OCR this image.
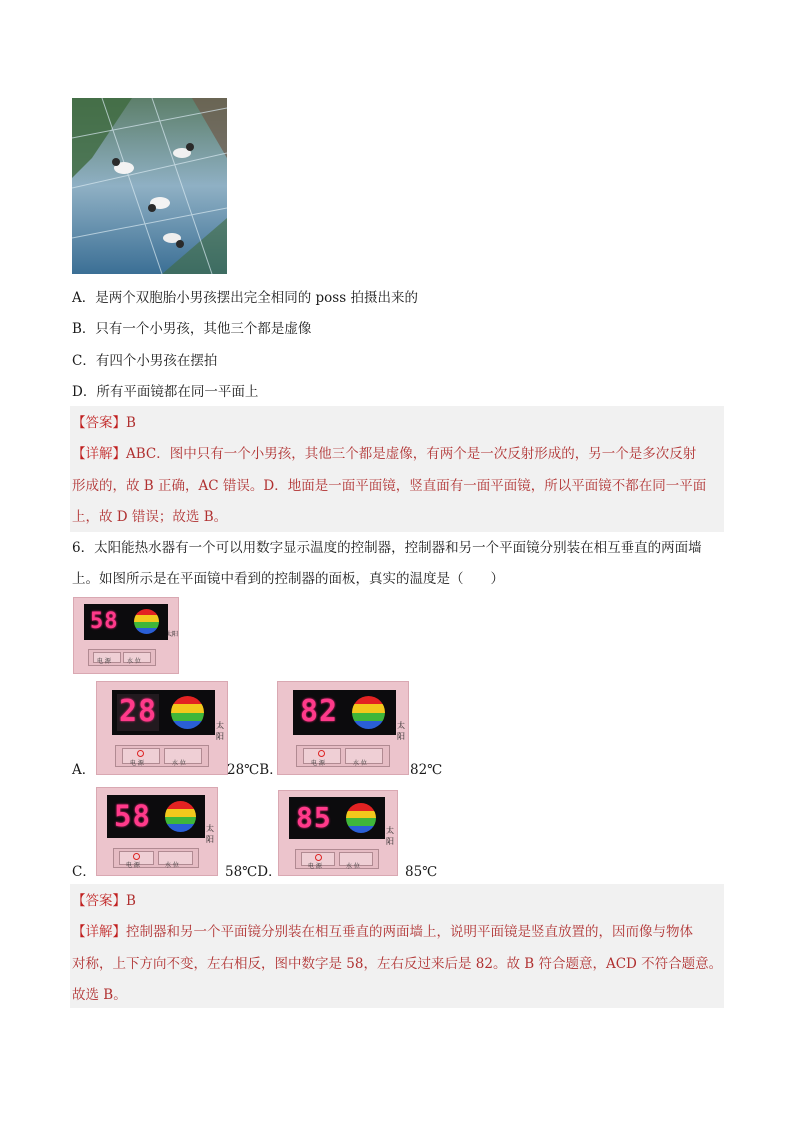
A．是两个双胞胎小男孩摆出完全相同的 poss 拍摄出来的
B．只有一个小男孩，其他三个都是虚像
C．有四个小男孩在摆拍
D．所有平面镜都在同一平面上
【答案】B
【详解】ABC．图中只有一个小男孩，其他三个都是虚像，有两个是一次反射形成的，另一个是多次反射
形成的，故 B 正确，AC 错误。D．地面是一面平面镜，竖直面有一面平面镜，所以平面镜不都在同一平面
上，故 D 错误；故选 B。
6．太阳能热水器有一个可以用数字显示温度的控制器，控制器和另一个平面镜分别装在相互垂直的两面墙
上。如图所示是在平面镜中看到的控制器的面板，真实的温度是（　　）
58
太阳
电 源	水 位
28	太阳
电 源	水 位
82	太阳
电 源	水 位
A．	28℃B．	82℃
58	太阳
电 源	水 位
85	太阳
电 源	水 位
C．	58℃D．	85℃
【答案】B
【详解】控制器和另一个平面镜分别装在相互垂直的两面墙上，说明平面镜是竖直放置的，因而像与物体
对称，上下方向不变，左右相反，图中数字是 58，左右反过来后是 82。故 B 符合题意，ACD 不符合题意。
故选 B。
